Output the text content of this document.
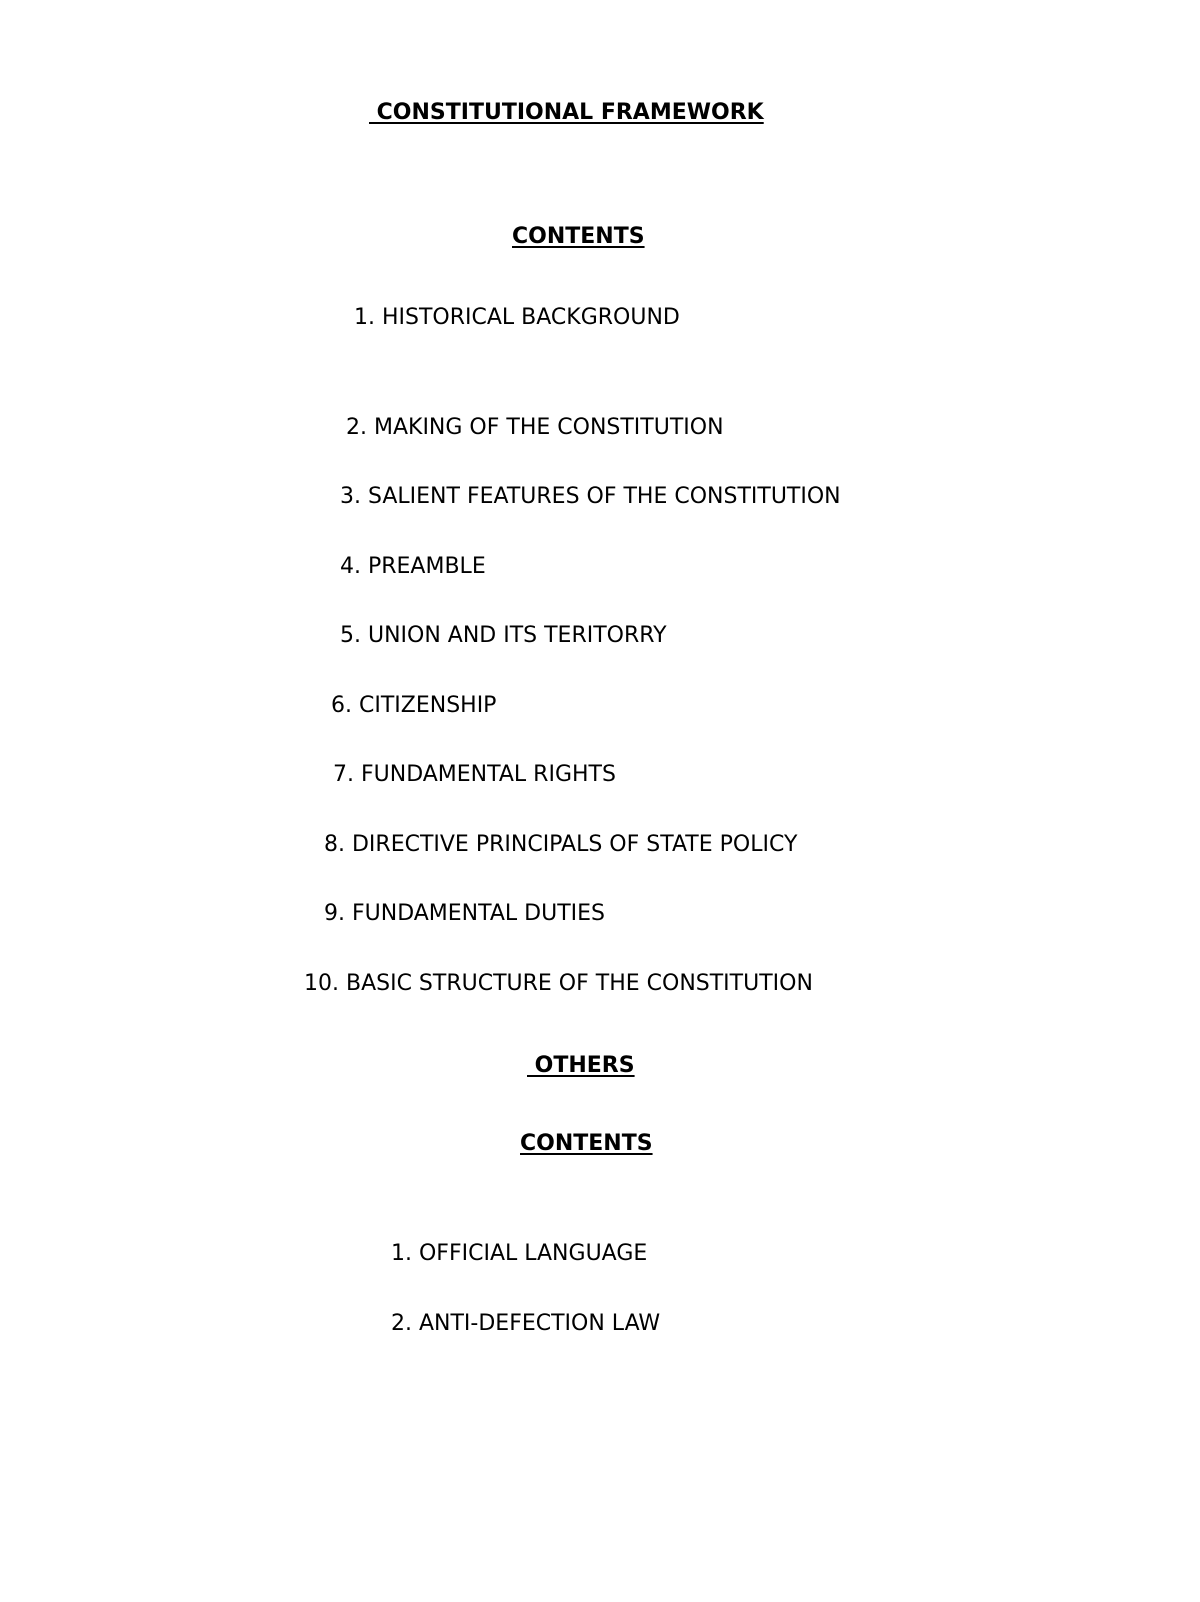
CONSTITUTIONAL FRAMEWORK
CONTENTS
1. HISTORICAL BACKGROUND
2. MAKING OF THE CONSTITUTION
3. SALIENT FEATURES OF THE CONSTITUTION
4. PREAMBLE
5. UNION AND ITS TERITORRY
6. CITIZENSHIP
7. FUNDAMENTAL RIGHTS
8. DIRECTIVE PRINCIPALS OF STATE POLICY
9. FUNDAMENTAL DUTIES
10. BASIC STRUCTURE OF THE CONSTITUTION
OTHERS
CONTENTS
1. OFFICIAL LANGUAGE
2. ANTI-DEFECTION LAW
